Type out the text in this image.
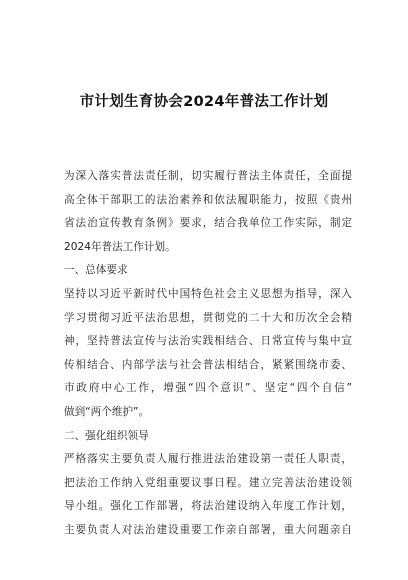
市计划生育协会2024年普法工作计划
为深入落实普法责任制，切实履行普法主体责任，全面提
高全体干部职工的法治素养和依法履职能力，按照《贵州
省法治宣传教育条例》要求，结合我单位工作实际，制定
2024年普法工作计划。
一、总体要求
坚持以习近平新时代中国特色社会主义思想为指导，深入
学习贯彻习近平法治思想，贯彻党的二十大和历次全会精
神，坚持普法宣传与法治实践相结合、日常宣传与集中宣
传相结合、内部学法与社会普法相结合，紧紧围绕市委、
市政府中心工作，增强“四个意识”、坚定“四个自信”
做到“两个维护”。
二、强化组织领导
严格落实主要负责人履行推进法治建设第一责任人职责，
把法治工作纳入党组重要议事日程。建立完善法治建设领
导小组。强化工作部署，将法治建设纳入年度工作计划，
主要负责人对法治建设重要工作亲自部署，重大问题亲自
